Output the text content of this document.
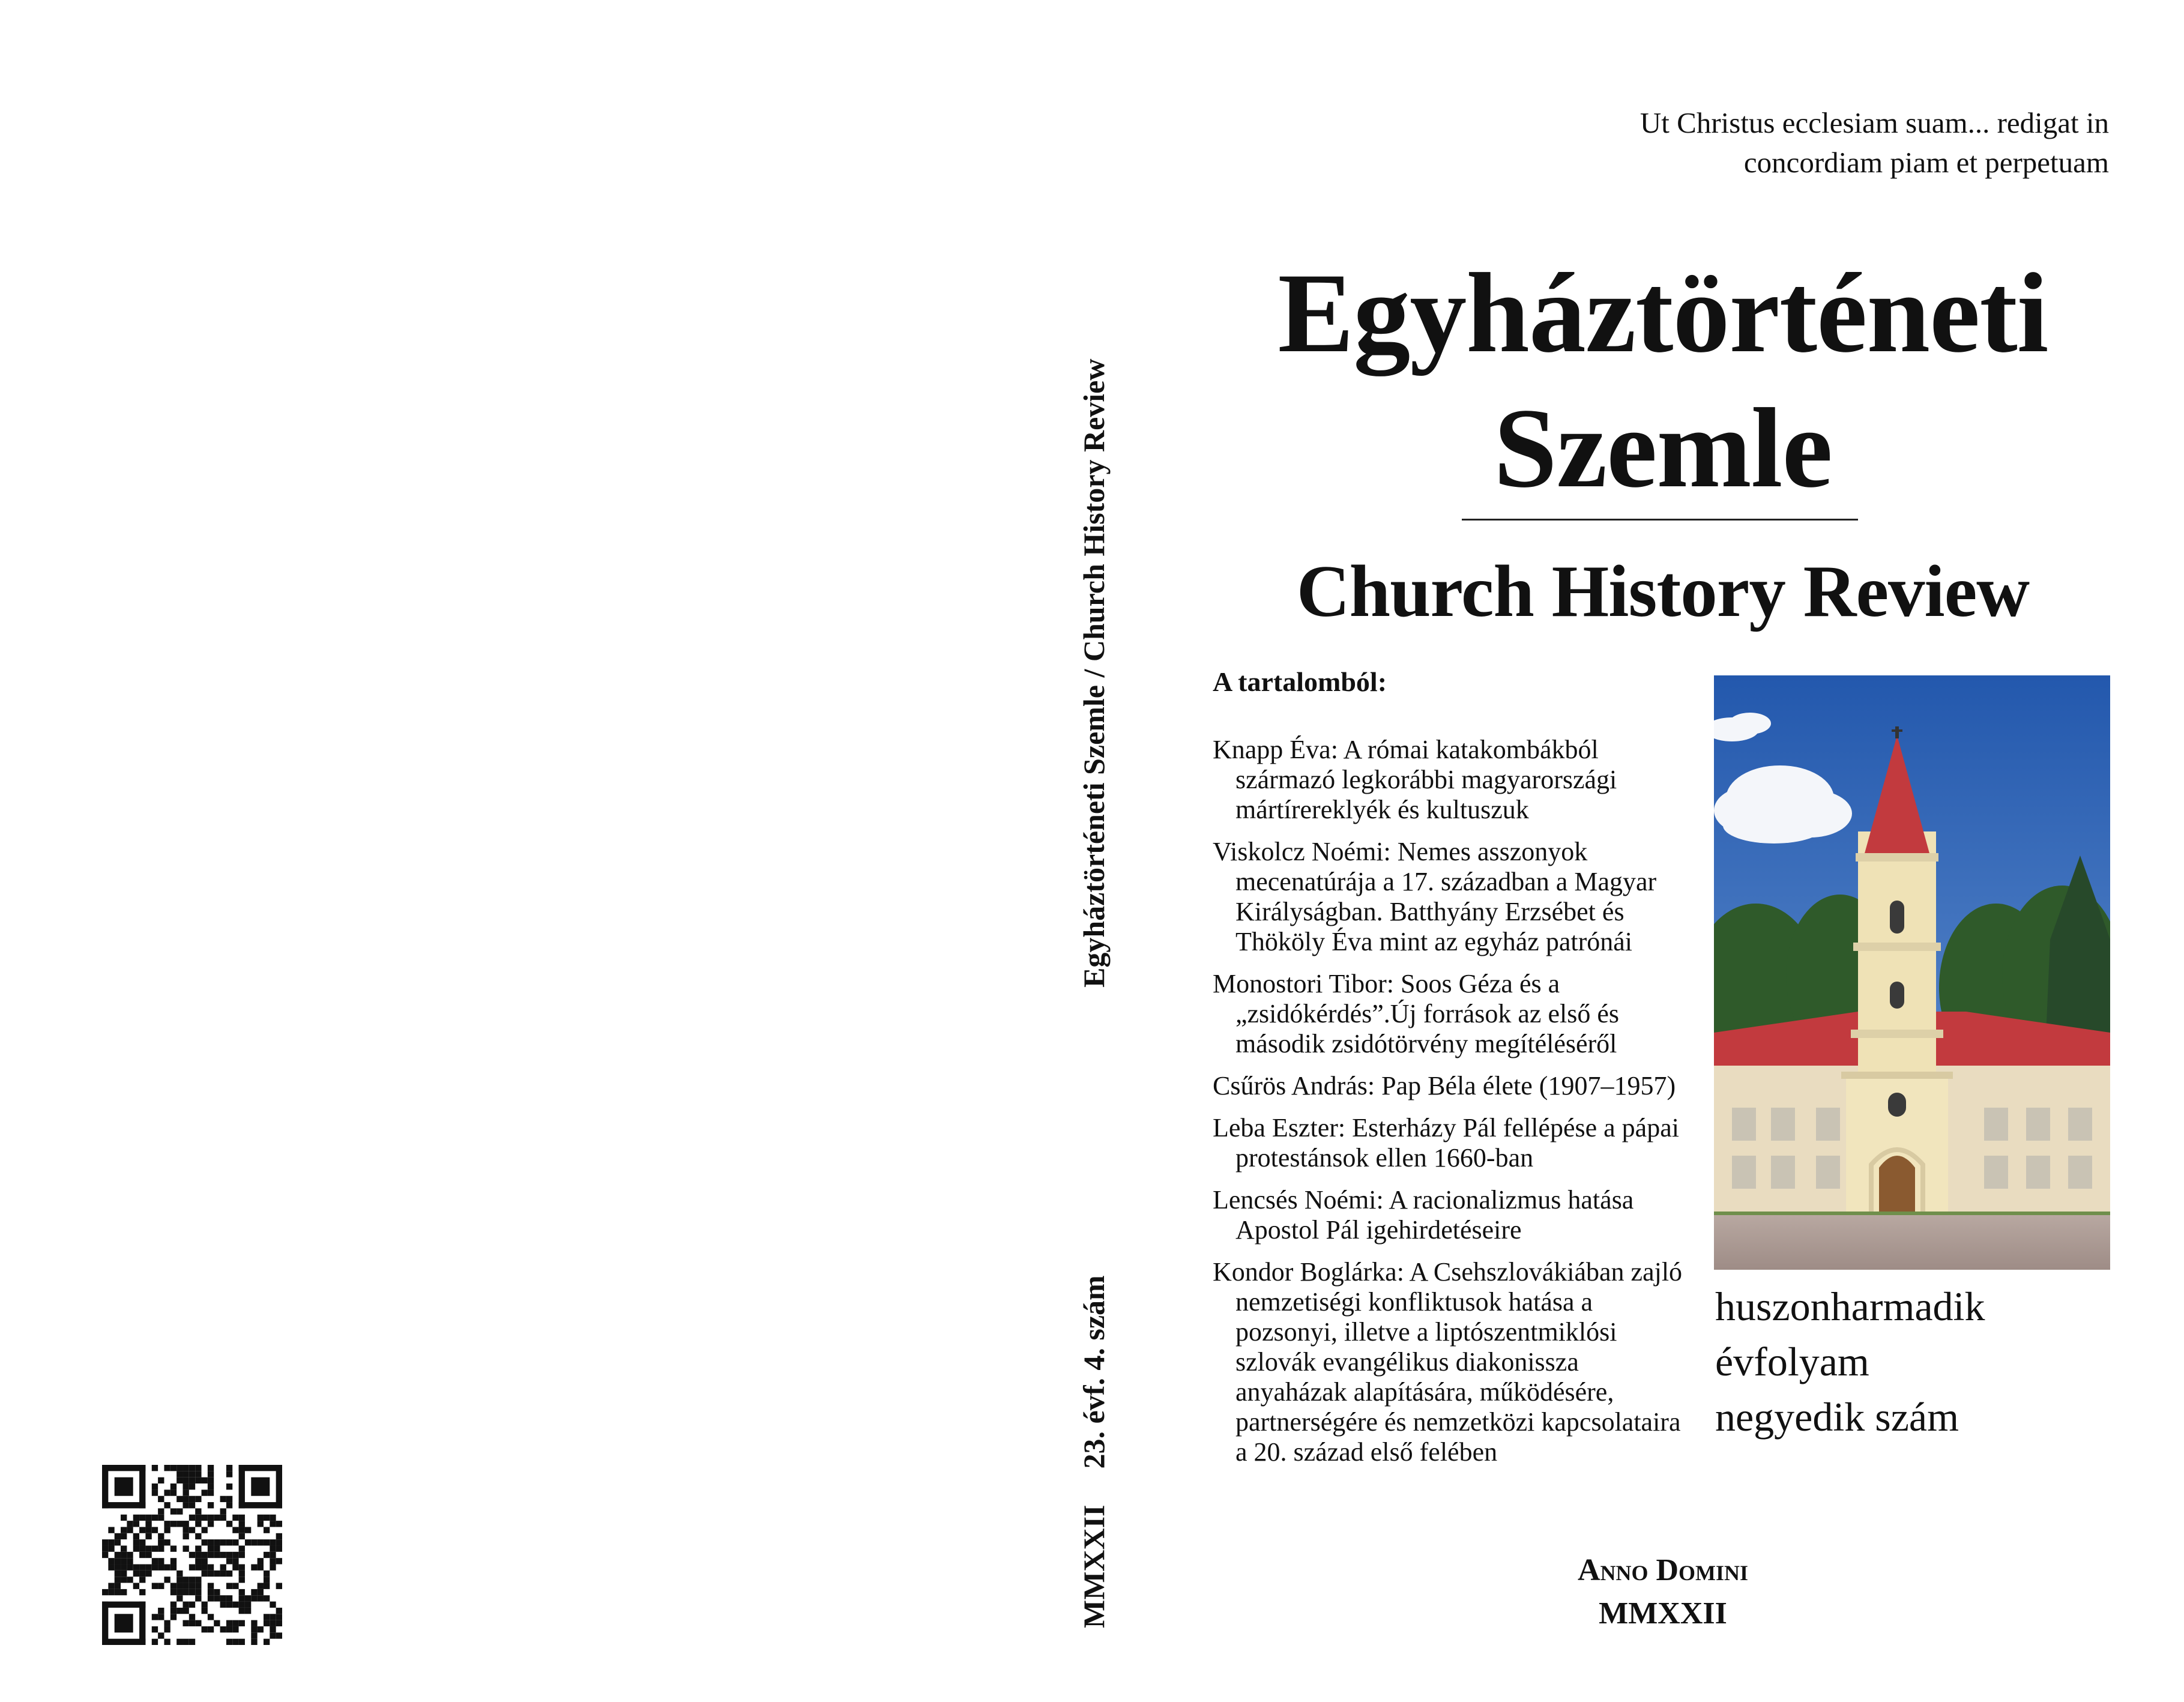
Egyháztörténeti Szemle / Church History Review
MMXXII23. évf. 4. szám
Ut Christus ecclesiam suam... redigat in
concordiam piam et perpetuam
Egyháztörténeti
Szemle
Church History Review
A tartalomból:
Knapp Éva: A római katakombákból származó legkorábbi magyarországi mártírereklyék és kultuszuk
Viskolcz Noémi: Nemes asszonyok mecenatúrája a 17. században a Magyar Királyságban. Batthyány Erzsébet és Thököly Éva mint az egyház patrónái
Monostori Tibor: Soos Géza és a „zsidókérdés”.Új források az első és második zsidótörvény megítéléséről
Csűrös András: Pap Béla élete (1907–1957)
Leba Eszter: Esterházy Pál fellépése a pápai protestánsok ellen 1660-ban
Lencsés Noémi: A racionalizmus hatása Apostol Pál igehirdetéseire
Kondor Boglárka: A Csehszlovákiában zajló nemzetiségi konfliktusok hatása a pozsonyi, illetve a liptószentmiklósi szlovák evangélikus diakonissza anyaházak alapítására, működésére, partnerségére és nemzetközi kapcsolataira a 20. század első felében
huszonharmadik
évfolyam
negyedik szám
Anno Domini
MMXXII
